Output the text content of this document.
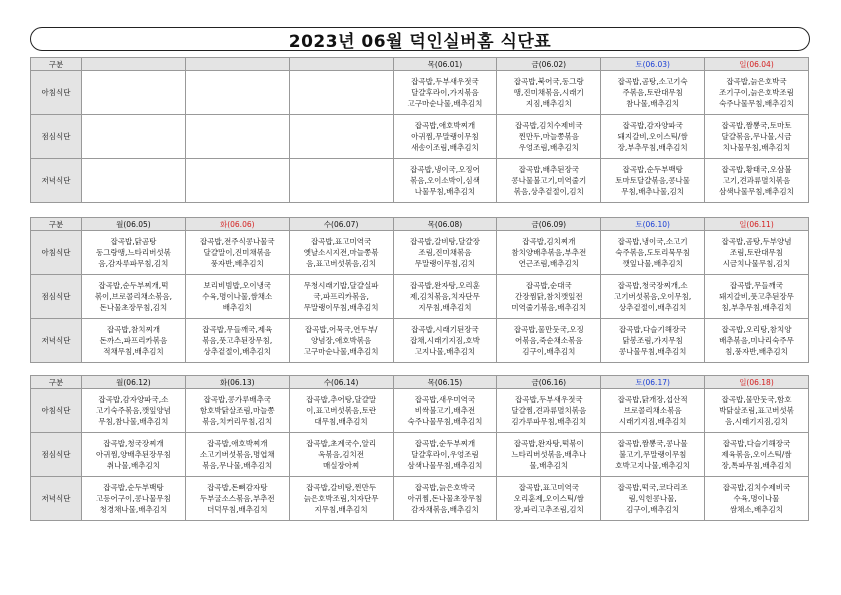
2023년 06월 덕인실버홈 식단표
구분				목(06.01)	금(06.02)	토(06.03)	일(06.04)
아침식단				잡곡밥,두부새우젓국
달걀후라이,가지볶음
고구마순나물,배추김치	잡곡밥,북어국,동그랑
땡,진미채볶음,시래기
지짐,배추김치	잡곡밥,곰탕,소고기숙
주볶음,토란대무침
참나물,배추김치	잡곡밥,늙은호박국
조기구이,늙은호박조림
숙주나물무침,배추김치

점심식단				잡곡밥,애호박찌개
아귀찜,무말랭이무침
새송이조림,배추김치	잡곡밥,김치수제비국
찐만두,마늘쫑볶음
우엉조림,배추김치	잡곡밥,감자양파국
돼지갈비,오이스틱/쌈
장,부추무침,배추김치	잡곡밥,짬뽕국,토마토
달걀볶음,무나물,시금
치나물무침,배추김치

저녁식단				잡곡밥,냉이국,오징어
볶음,오이소박이,심색
나물무침,배추김치	잡곡밥,배추된장국
콩나물불고기,미역줄기
볶음,상추겉절이,김치	잡곡밥,순두부백탕
토마토달걀볶음,콩나물
무침,배추나물,김치	잡곡밥,황태국,오삼불
고기,견과류멸치볶음
삼색나물무침,배추김치
구분	월(06.05)	화(06.06)	수(06.07)	목(06.08)	금(06.09)	토(06.10)	일(06.11)
아침식단	잡곡밥,닭곰탕
동그랑땡,느타리버섯볶
음,감자루파무침,김치	잡곡밥,전주식콩나물국
달걀말이,진미채볶음
풍자반,배추김치	잡곡밥,표고미역국
옛날소시지전,마늘쫑볶
음,표고버섯볶음,김치	잡곡밥,갈비탕,달걀장
조림,진미채볶음
무말랭이무침,김치	잡곡밥,김치찌개
참치양배추볶음,부추전
연근조림,배추김치	잡곡밥,냉이국,소고기
숙주볶음,도토리묵무침
깻잎나물,배추김치	잡곡밥,곰탕,두부양념
조림,토란대무침
시금치나물무침,김치

점심식단	잡곡밥,순두부찌개,떡
볶이,브로콜리채소볶음,
돈나물초장무침,김치	보리비빔밥,오이냉국
수육,명이나물,쌈채소
배추김치	무청시래기밥,달걀실파
국,파프리카볶음,
무말랭이무침,배추김치	잡곡밥,완자탕,오리훈
제,김치볶음,치자단무
지무침,배추김치	잡곡밥,순대국
간장찜닭,참치깻잎전
미역줄기볶음,배추김치	잡곡밥,청국장찌개,소
고기버섯볶음,오이무침,
상추겉절이,배추김치	잡곡밥,무들깨국
돼지갈비,풋고추된장무
침,부추무침,배추김치

저녁식단	잡곡밥,참치찌개
돈까스,파프리카볶음
적채무침,배추김치	잡곡밥,무들깨국,제육
볶음,풋고추된장무침,
상추겉절이,배추김치	잡곡밥,어묵국,연두부/
양념장,애호박볶음
고구마순나물,배추김치	잡곡밥,시래기된장국
잡채,시래기지짐,호박
고지나물,배추김치	잡곡밥,물만둣국,오징
어볶음,죽순채소볶음
김구이,배추김치	잡곡밥,다슬기해장국
닭봉조림,가지무침
콩나물무침,배추김치	잡곡밥,오리탕,참치양
배추볶음,미나리숙주무
침,풍자반,배추김치
구분	월(06.12)	화(06.13)	수(06.14)	목(06.15)	금(06.16)	토(06.17)	일(06.18)
아침식단	잡곡밥,감자양파국,소
고기숙주볶음,깻잎양념
무침,참나물,배추김치	잡곡밥,콩가루배추국
함호박닭살조림,마늘쫑
볶음,치커리무침,김치	잡곡밥,추어탕,달걀말
이,표고버섯볶음,토란
대무침,배추김치	잡곡밥,새우미역국
비싹불고기,배추전
숙주나물무침,배추김치	잡곡밥,두부새우젓국
달걀찜,견과류멸치볶음
김가루파무침,배추김치	잡곡밥,닭개장,섭산적
브로콜리채소볶음
시래기지짐,배추김치	잡곡밥,물만둣국,함호
박닭살조림,표고버섯볶
음,시래기지짐,김치

점심식단	잡곡밥,청국장찌개
아귀찜,양배추된장무침
취나물,배추김치	잡곡밥,애호박찌개
소고기버섯볶음,명엽채
볶음,무나물,배추김치	잡곡밥,초계국수,알리
옥볶음,김치전
매실장아찌	잡곡밥,순두부찌개
달걀후라이,우엉조림
삼색나물무침,배추김치	잡곡밥,완자탕,떡볶이
느타리버섯볶음,배추나
물,배추김치	잡곡밥,짬뽕국,콩나물
불고기,무말랭이무침
호박고지나물,배추김치	잡곡밥,다슬기해장국
제육볶음,오이스틱/쌈
장,톡파무침,배추김치

저녁식단	잡곡밥,순두부백탕
고등어구이,콩나물무침
청경채나물,배추김치	잡곡밥,돈뼈감자탕
두부굴소스볶음,부추전
더덕무침,배추김치	잡곡밥,갈비탕,찐만두
늙은호박조림,치자단무
지무침,배추김치	잡곡밥,늙은호박국
아귀찜,돈나물초장무침
감자채볶음,배추김치	잡곡밥,표고미역국
오리훈제,오이스틱/쌈
장,파리고추조림,김치	잡곡밥,떡국,코다리조
림,익힌콩나물,
김구이,배추김치	잡곡밥,김치수제비국
수육,명이나물
쌈채소,배추김치
